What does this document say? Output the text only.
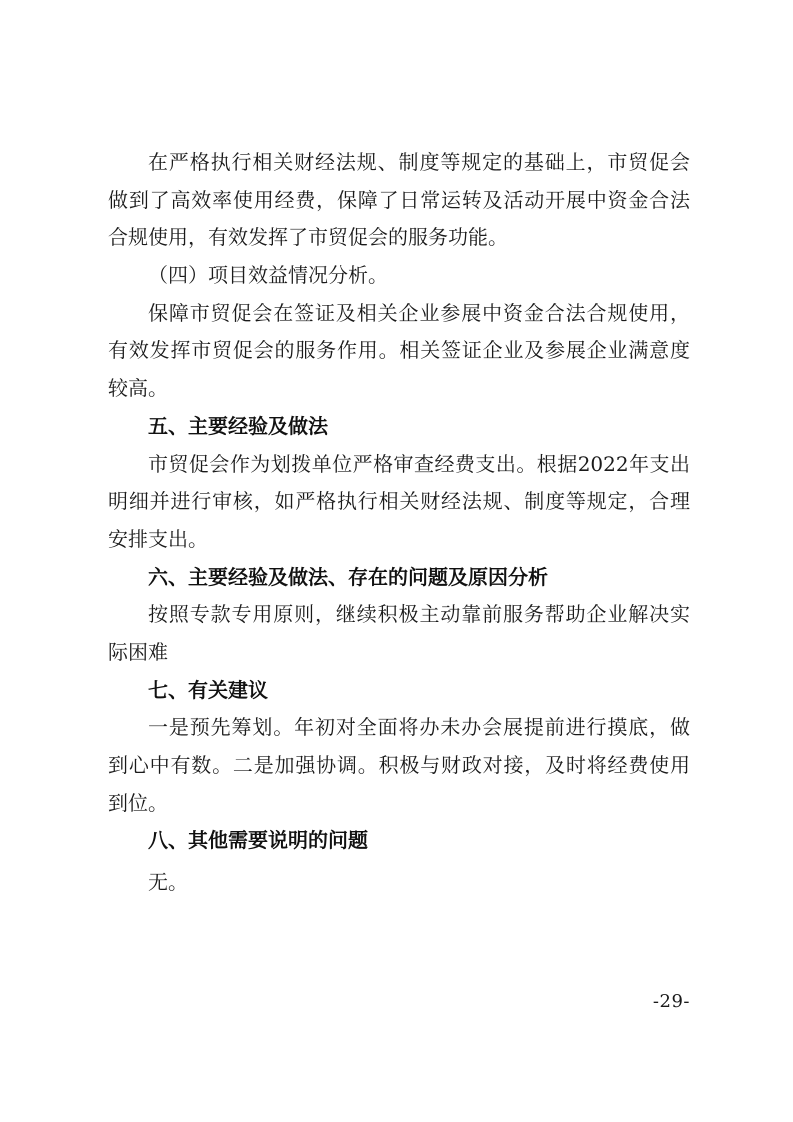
在严格执行相关财经法规、制度等规定的基础上，市贸促会
做到了高效率使用经费，保障了日常运转及活动开展中资金合法
合规使用，有效发挥了市贸促会的服务功能。
（四）项目效益情况分析。
保障市贸促会在签证及相关企业参展中资金合法合规使用，
有效发挥市贸促会的服务作用。相关签证企业及参展企业满意度
较高。
五、主要经验及做法
市贸促会作为划拨单位严格审查经费支出。根据2022年支出
明细并进行审核，如严格执行相关财经法规、制度等规定，合理
安排支出。
六、主要经验及做法、存在的问题及原因分析
按照专款专用原则，继续积极主动靠前服务帮助企业解决实
际困难
七、有关建议
一是预先筹划。年初对全面将办未办会展提前进行摸底，做
到心中有数。二是加强协调。积极与财政对接，及时将经费使用
到位。
八、其他需要说明的问题
无。
-29-
